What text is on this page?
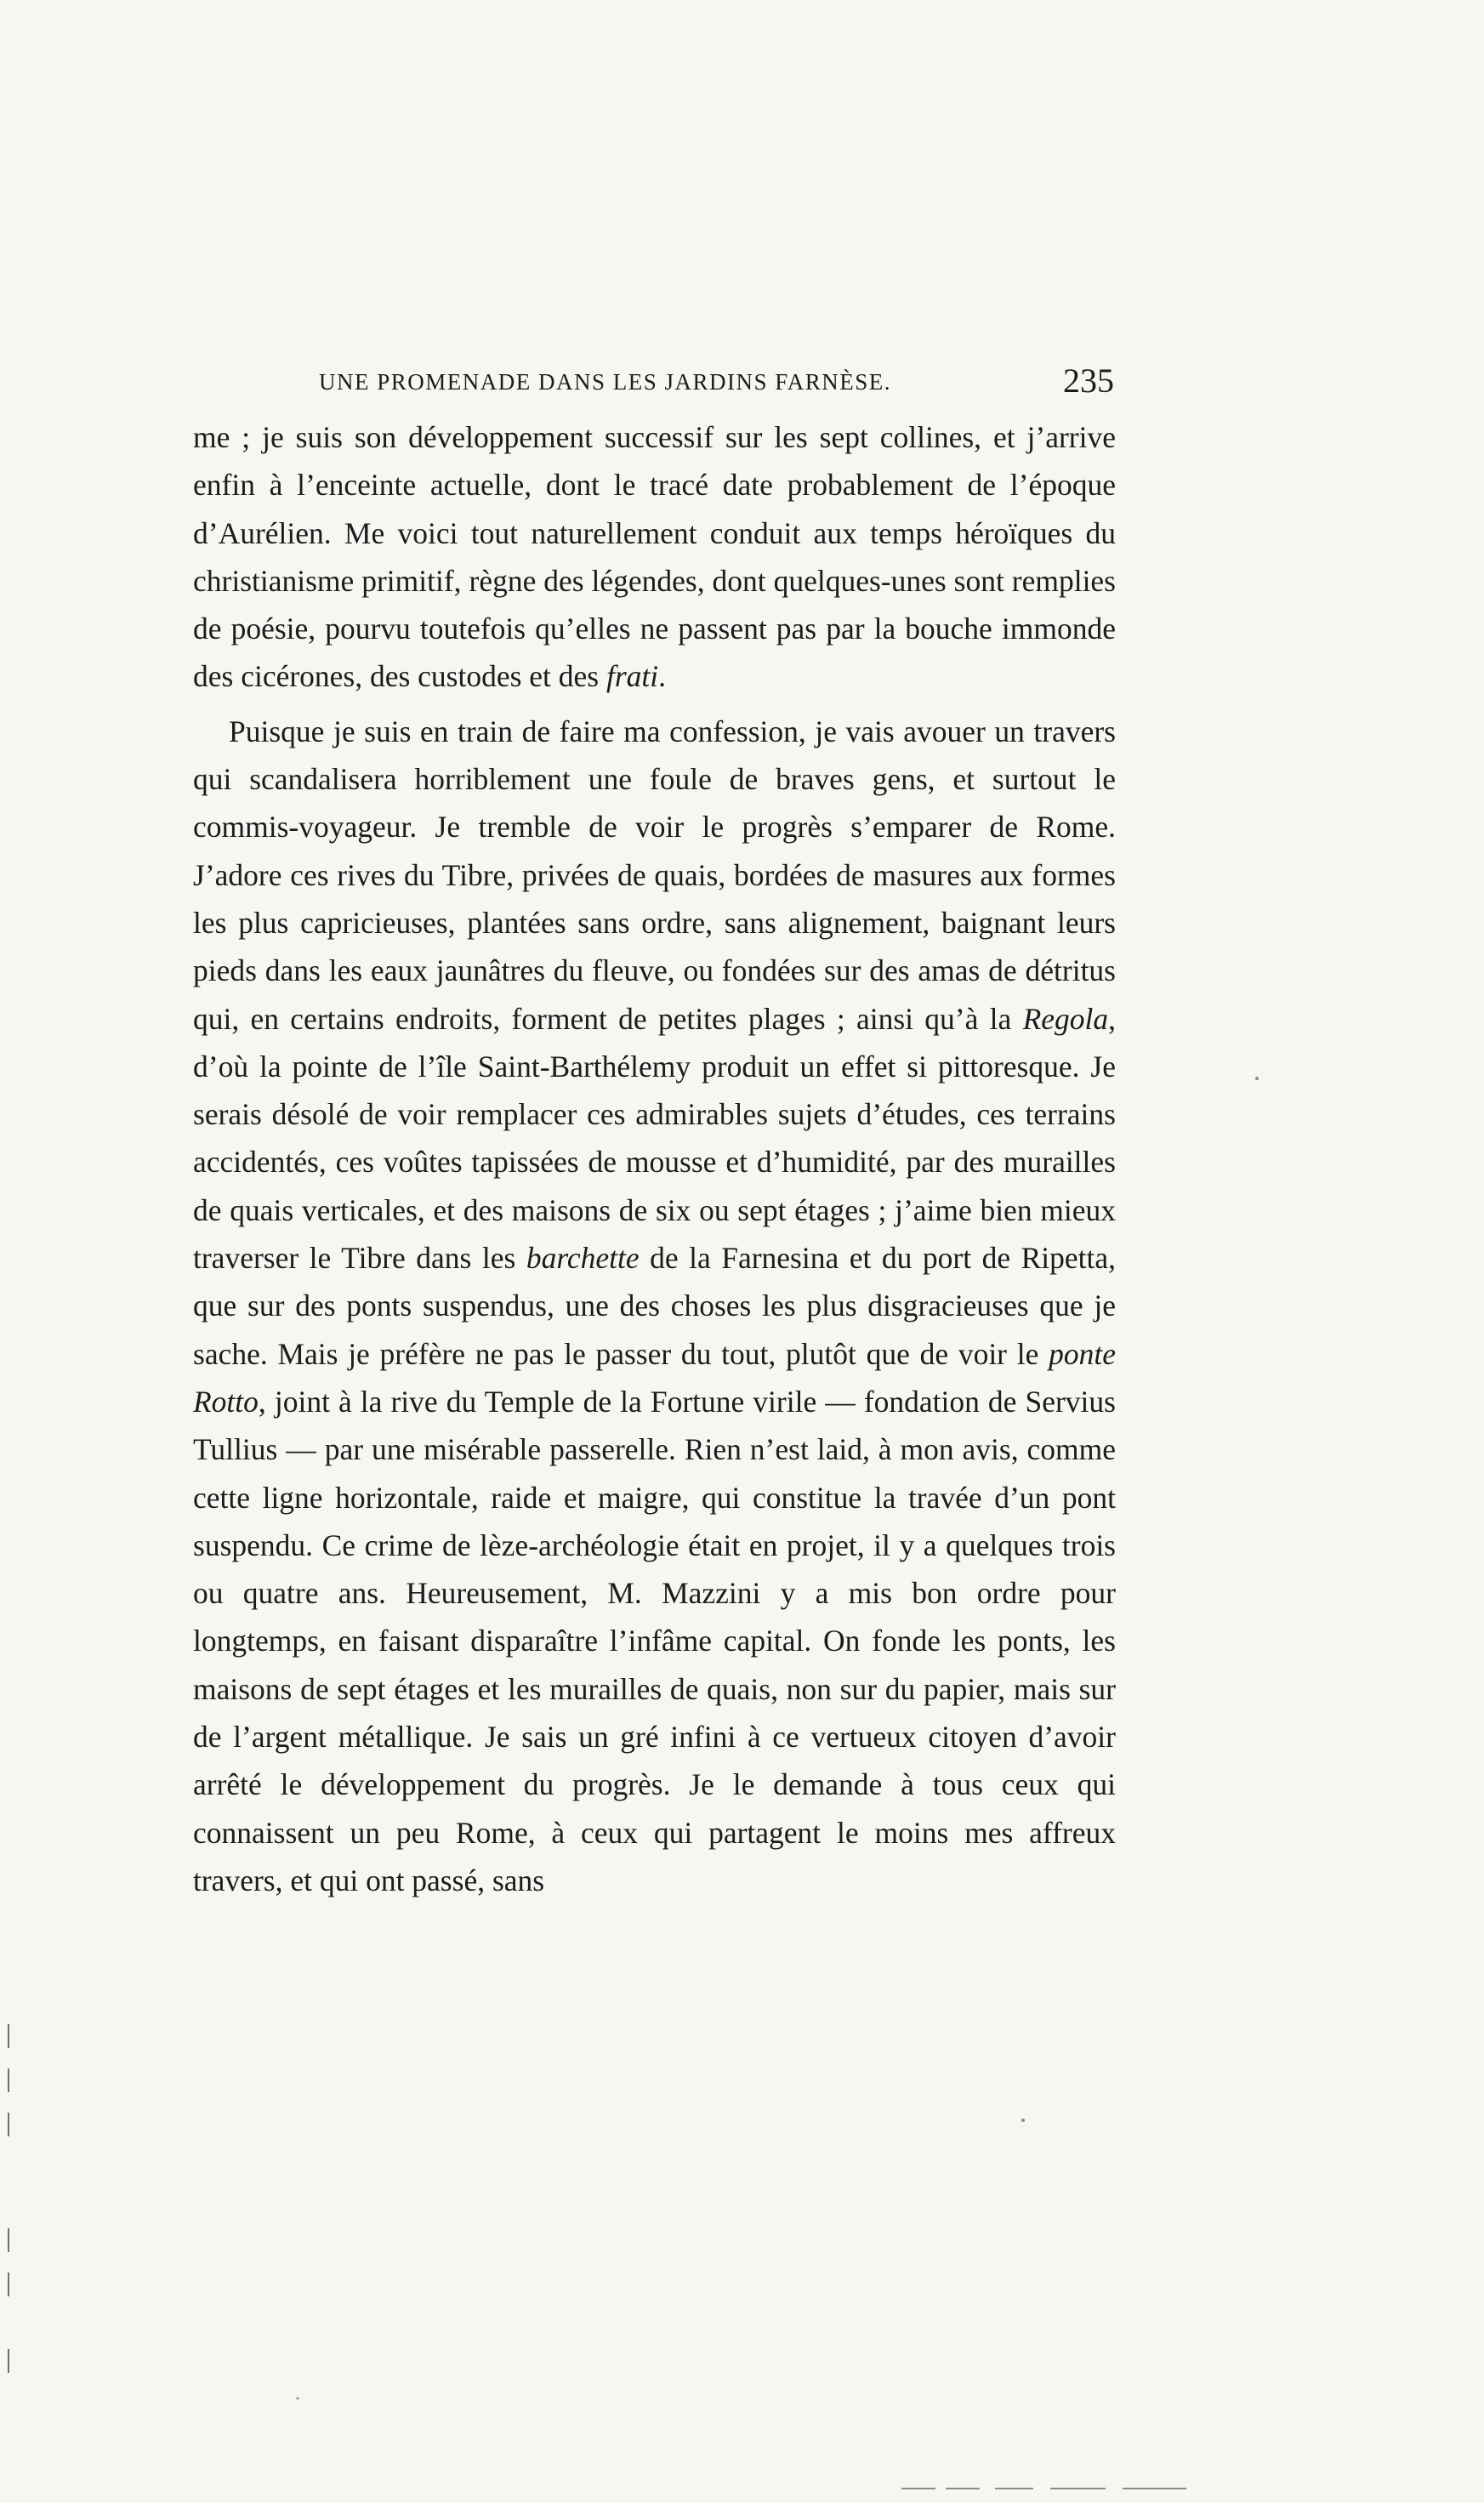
UNE PROMENADE DANS LES JARDINS FARNÈSE.	235

me ; je suis son développement successif sur les sept collines, et j’arrive enfin à l’enceinte actuelle, dont le tracé date probablement de l’époque d’Aurélien. Me voici tout naturellement conduit aux temps héroïques du christianisme primitif, règne des légendes, dont quelques-unes sont remplies de poésie, pourvu toutefois qu’elles ne passent pas par la bouche immonde des cicérones, des custodes et des frati.

Puisque je suis en train de faire ma confession, je vais avouer un travers qui scandalisera horriblement une foule de braves gens, et surtout le commis-voyageur. Je tremble de voir le progrès s’emparer de Rome. J’adore ces rives du Tibre, privées de quais, bordées de masures aux formes les plus capricieuses, plantées sans ordre, sans alignement, baignant leurs pieds dans les eaux jaunâtres du fleuve, ou fondées sur des amas de détritus qui, en certains endroits, forment de petites plages ; ainsi qu’à la Regola, d’où la pointe de l’île Saint-Barthélemy produit un effet si pittoresque. Je serais désolé de voir remplacer ces admirables sujets d’études, ces terrains accidentés, ces voûtes tapissées de mousse et d’humidité, par des murailles de quais verticales, et des maisons de six ou sept étages ; j’aime bien mieux traverser le Tibre dans les barchette de la Farnesina et du port de Ripetta, que sur des ponts suspendus, une des choses les plus disgracieuses que je sache. Mais je préfère ne pas le passer du tout, plutôt que de voir le ponte Rotto, joint à la rive du Temple de la Fortune virile — fondation de Servius Tullius — par une misérable passerelle. Rien n’est laid, à mon avis, comme cette ligne horizontale, raide et maigre, qui constitue la travée d’un pont suspendu. Ce crime de lèze-archéologie était en projet, il y a quelques trois ou quatre ans. Heureusement, M. Mazzini y a mis bon ordre pour longtemps, en faisant disparaître l’infâme capital. On fonde les ponts, les maisons de sept étages et les murailles de quais, non sur du papier, mais sur de l’argent métallique. Je sais un gré infini à ce vertueux citoyen d’avoir arrêté le développement du progrès. Je le demande à tous ceux qui connaissent un peu Rome, à ceux qui partagent le moins mes affreux travers, et qui ont passé, sans
